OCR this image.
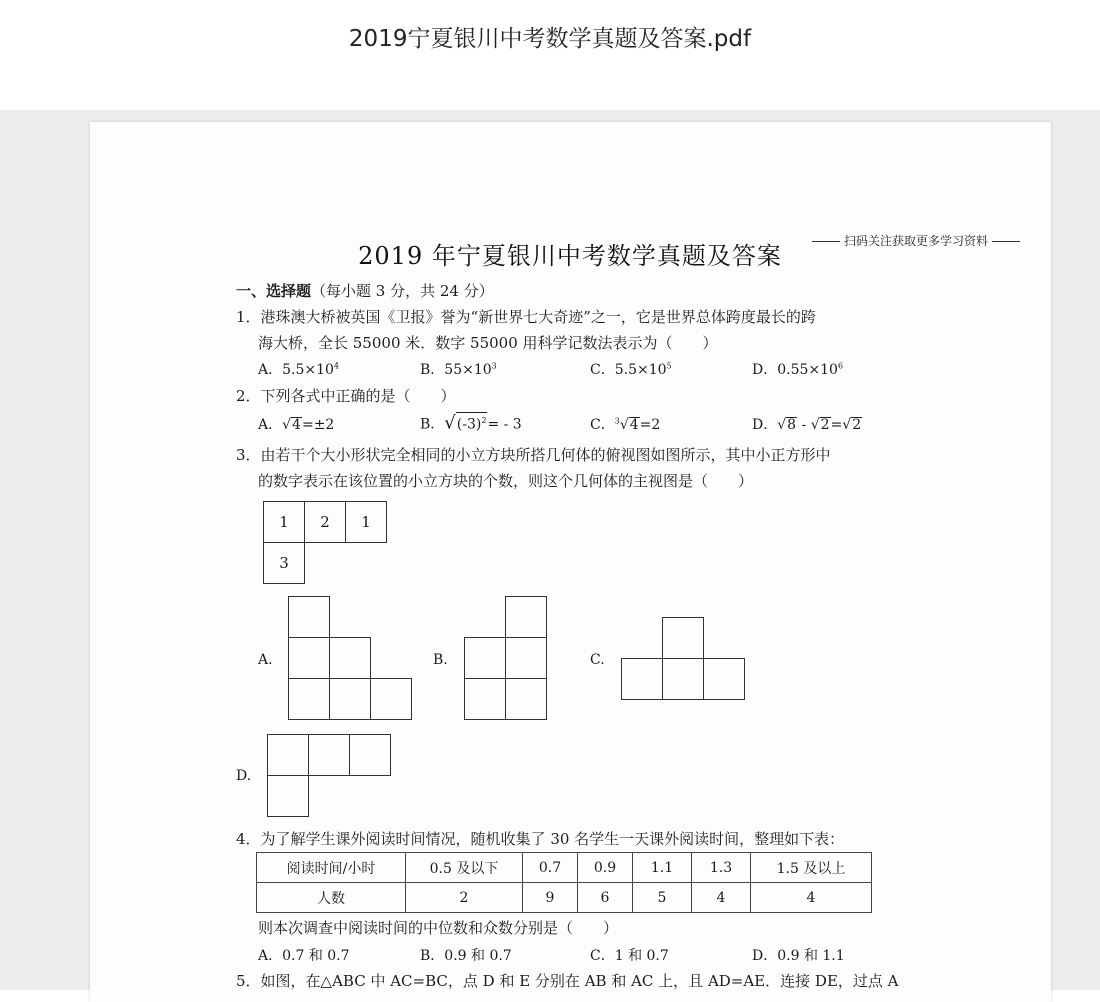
2019宁夏银川中考数学真题及答案.pdf
扫码关注获取更多学习资料
2019 年宁夏银川中考数学真题及答案
一、选择题（每小题 3 分，共 24 分）
1．港珠澳大桥被英国《卫报》誉为“新世界七大奇迹”之一，它是世界总体跨度最长的跨
海大桥，全长 55000 米．数字 55000 用科学记数法表示为（　　）
A．$5.5\times 10^4$	B．$55\times 10^3$	C．$5.5\times 10^5$	D．$0.55\times 10^6$
2．下列各式中正确的是（　　）
A．√4=±2	B．$√(-3)^2= - 3$	C．$^3$√4=2	D．√8 - √2=√2
3．由若干个大小形状完全相同的小立方块所搭几何体的俯视图如图所示，其中小正方形中
的数字表示在该位置的小立方块的个数，则这个几何体的主视图是（　　）
1	2	1
3
A.	B.	C.
D.
4．为了解学生课外阅读时间情况，随机收集了 30 名学生一天课外阅读时间，整理如下表：
阅读时间/小时	0.5 及以下	0.7	0.9	1.1	1.3	1.5 及以上
人数	2	9	6	5	4	4
则本次调查中阅读时间的中位数和众数分别是（　　）
A．0.7 和 0.7	B．0.9 和 0.7	C．1 和 0.7	D．0.9 和 1.1
5．如图，在△ABC 中 AC=BC，点 D 和 E 分别在 AB 和 AC 上，且 AD=AE．连接 DE，过点 A
